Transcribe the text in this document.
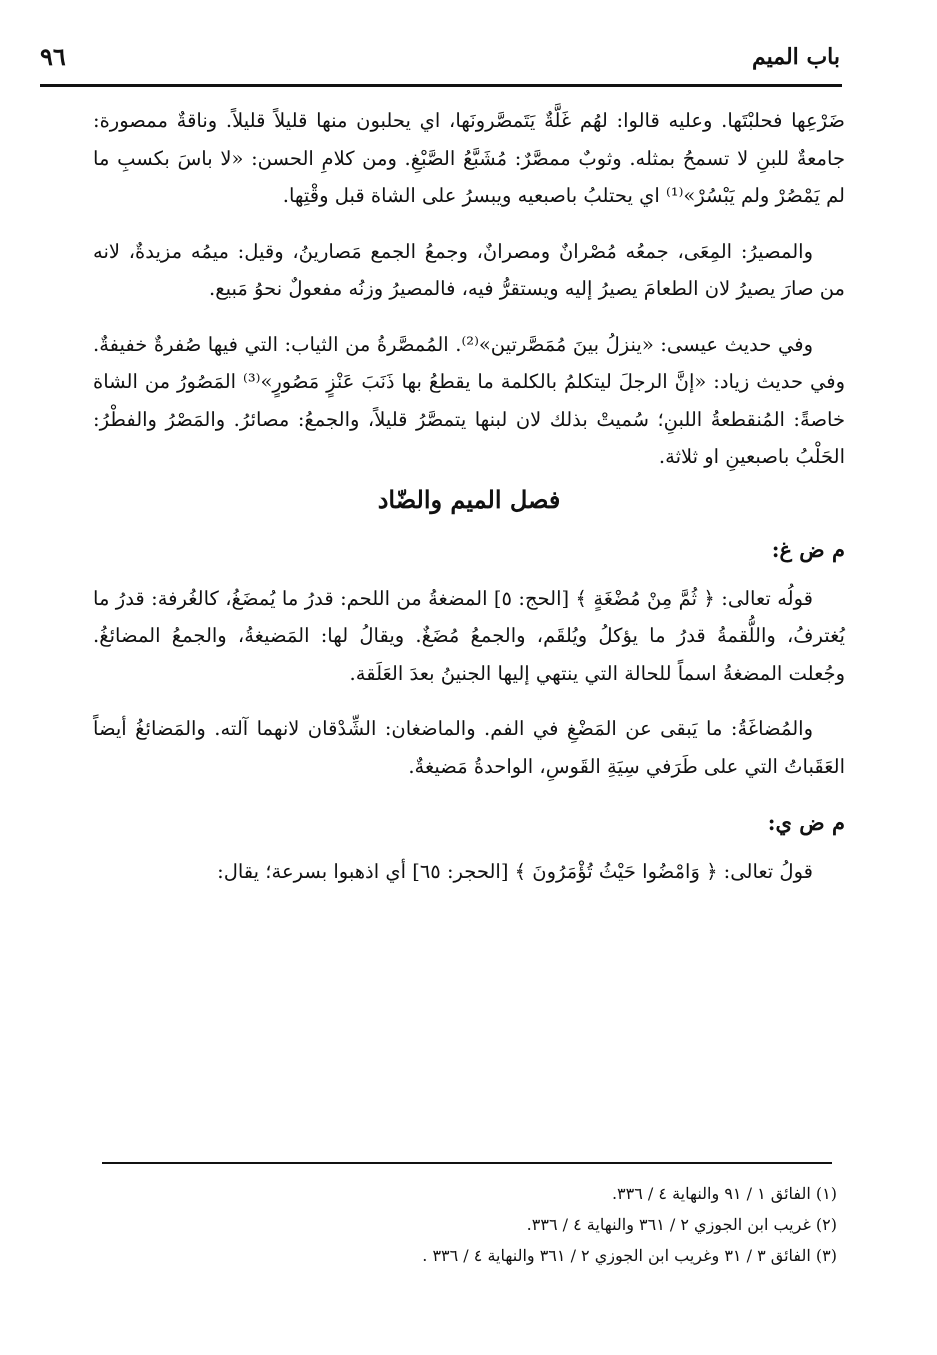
باب الميم
٩٦

ضَرْعِها فحلبْتَها. وعليه قالوا: لهُم غَلَّةٌ يَتَمصَّرونَها، اي يحلبون منها قليلاً قليلاً. وناقةٌ ممصورة: جامعةٌ للبنِ لا تسمحُ بمثله. وثوبٌ ممصَّرٌ: مُشَبَّعُ الصَّبْغِ. ومن كلامِ الحسن: «لا باسَ بكسبِ ما لم يَمْصُرْ ولم يَبْسُرْ»⁽¹⁾ اي يحتلبُ باصبعيه ويبسرُ على الشاة قبل وقْتِها.

والمصيرُ: المِعَى، جمعُه مُصْرانٌ ومصرانٌ، وجمعُ الجمع مَصارينُ، وقيل: ميمُه مزيدةٌ، لانه من صارَ يصيرُ لان الطعامَ يصيرُ إليه ويستقرُّ فيه، فالمصيرُ وزنُه مفعولٌ نحوُ مَبيع.

وفي حديث عيسى: «ينزلُ بينَ مُمَصَّرتين»⁽²⁾. المُمصَّرةُ من الثياب: التي فيها صُفرةٌ خفيفةٌ. وفي حديث زياد: «إنَّ الرجلَ ليتكلمُ بالكلمة ما يقطعُ بها ذَنَبَ عَنْزٍ مَصُورٍ»⁽³⁾ المَصُورُ من الشاة خاصةً: المُنقطعةُ اللبنِ؛ سُميتْ بذلك لان لبنها يتمصَّرُ قليلاً، والجمعُ: مصائرُ. والمَصْرُ والفطْرُ: الحَلْبُ باصبعينِ او ثلاثة.

فصل الميم والضّاد

م ض غ:

قولُه تعالى: ﴿ ثُمَّ مِنْ مُضْغَةٍ ﴾ [الحج: ٥] المضغةُ من اللحم: قدرُ ما يُمضَغُ، كالغُرفة: قدرُ ما يُغترفُ، واللُّقمةُ قدرُ ما يؤكلُ ويُلقَم، والجمعُ مُضَغٌ. ويقالُ لها: المَضيغةُ، والجمعُ المضائغُ. وجُعلت المضغةُ اسماً للحالة التي ينتهي إليها الجنينُ بعدَ العَلَقة.

والمُضاغَةُ: ما يَبقى عن المَضْغِ في الفم. والماضغان: الشِّدْقان لانهما آلته. والمَضائغُ أيضاً العَقَباتُ التي على طَرَفي سِيَةِ القَوسِ، الواحدةُ مَضيغةٌ.

م ض ي:

قولُ تعالى: ﴿ وَامْضُوا حَيْثُ تُؤْمَرُونَ ﴾ [الحجر: ٦٥] أي اذهبوا بسرعة؛ يقال:

(١) الفائق ١ / ٩١ والنهاية ٤ / ٣٣٦.

(٢) غريب ابن الجوزي ٢ / ٣٦١ والنهاية ٤ / ٣٣٦.

(٣) الفائق ٣ / ٣١ وغريب ابن الجوزي ٢ / ٣٦١ والنهاية ٤ / ٣٣٦ .
